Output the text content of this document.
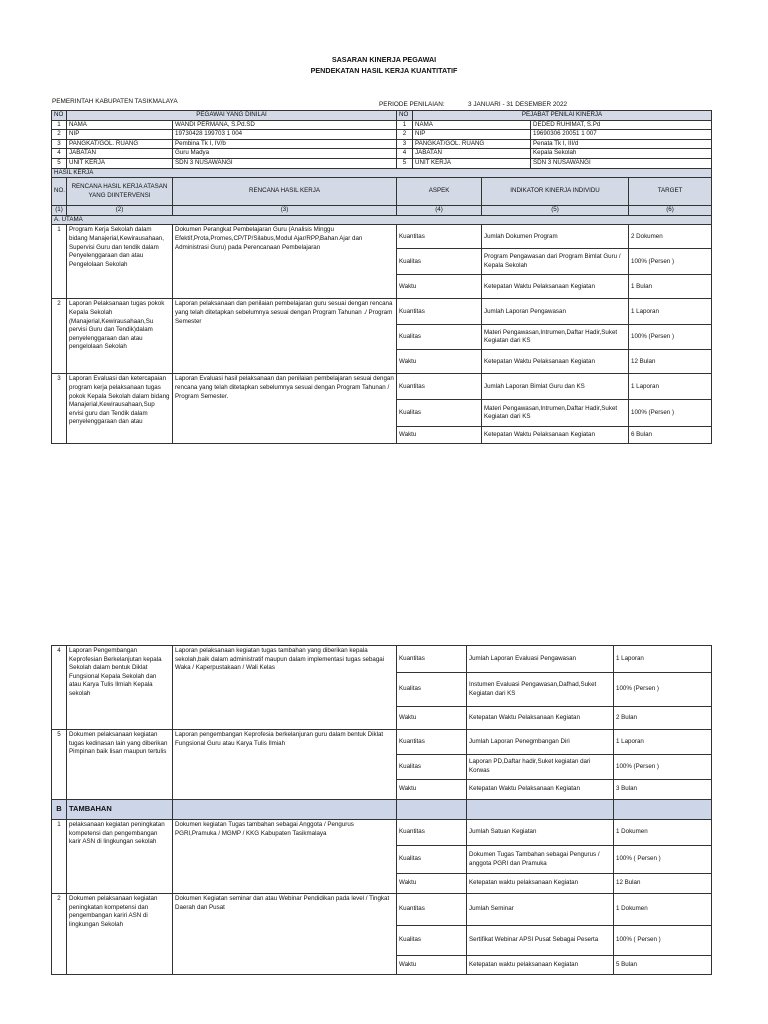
SASARAN KINERJA PEGAWAI
PENDEKATAN HASIL KERJA KUANTITATIF
PEMERINTAH KABUPATEN TASIKMALAYA	PERIODE PENILAIAN:	3 JANUARI - 31 DESEMBER 2022
NO	PEGAWAI YANG DINILAI		NO	PEJABAT PENILAI KINERJA			
1	NAMA	WANDI PERMANA, S.Pd.SD	1	NAMA		DEDED RUHIMAT, S.Pd	
2	NIP	19730428 199703 1 004	2	NIP		19690306 20051 1 007	
3	PANGKAT/GOL. RUANG	Pembina Tk I, IV/b	3	PANGKAT/GOL. RUANG		Penata Tk I, III/d	
4	JABATAN	Guru Madya	4	JABATAN		Kepala Sekolah	
5	UNIT KERJA	SDN 3 NUSAWANGI	5	UNIT KERJA		SDN 3 NUSAWANGI	
HASIL KERJA							
NO.	RENCANA HASIL KERJA ATASAN YANG DIINTERVENSI	RENCANA HASIL KERJA	ASPEK		INDIKATOR KINERJA INDIVIDU		TARGET
(1)	(2)	(3)	(4)		(5)		(6)
A. UTAMA							
1	Program Kerja Sekolah dalam bidang Manajerial,Kewirausahaan, Supervisi Guru dan tendik dalam Penyelenggaraan dan atau Pengelolaan Sekolah	Dokumen Perangkat Pembelajaran Guru (Analisis Minggu Efektif,Prota,Promes,CP/TP/Silabus,Modul Ajar/RPP,Bahan Ajar dan Administrasi Guru) pada Perencanaan Pembelajaran	Kuantitas		Jumlah Dokumen Program		2 Dokumen
			Kualitas		Program Pengawasan dari Program Bimlat Guru / Kepala Sekolah		100% (Persen )
			Waktu		Ketepatan Waktu Pelaksanaan Kegiatan		1 Bulan
2	Laporan Pelaksanaan tugas pokok Kepala Sekolah (Manajerial,Kewirausahaan,Su pervisi Guru dan Tendik)dalam penyelenggaraan dan atau pengelolaan Sekolah	Laporan pelaksanaan dan penilaian pembelajaran guru sesuai dengan rencana yang telah ditetapkan sebelumnya sesuai dengan Program Tahunan ./ Program Semester	Kuantitas		Jumlah Laporan Pengawasan		1 Laporan
			Kualitas		Materi Pengawasan,Intrumen,Daftar Hadir,Suket Kegiatan dari KS		100% (Persen )
			Waktu		Ketepatan Waktu Pelaksanaan Kegiatan		12 Bulan
3	Laporan Evaluasi dan ketercapaian program kerja pelaksanaan tugas pokok Kepala Sekolah dalam bidang Manajerial,Kewirausahaan,Sup ervisi guru dan Tendik dalam penyelenggaraan dan atau	Laporan Evaluasi hasil pelaksanaan dan penilaian pembelajaran sesuai dengan rencana yang telah ditetapkan sebelumnya sesuai dengan Program Tahunan / Program Semester.	Kuantitas		Jumlah Laporan Bimlat Guru dan KS		1 Laporan
			Kualitas		Materi Pengawasan,Intrumen,Daftar Hadir,Suket Kegiatan dari KS		100% (Persen )
			Waktu		Ketepatan Waktu Pelaksanaan Kegiatan		6 Bulan
4	Laporan Pengembangan Keprofesian Berkelanjutan kepala Sekolah dalam bentuk Diklat Fungsional Kepala Sekolah dan atau Karya Tulis Ilmiah Kepala sekolah	Laporan pelaksanaan kegiatan tugas tambahan yang diberikan kepala sekolah,baik dalam administratif maupun dalam implementasi tugas sebagai Waka / Kaperpustakaan / Wali Kelas	Kuantitas	Jumlah Laporan Evaluasi Pengawasan	1 Laporan
			Kualitas	Instumen Evaluasi Pengawasan,Dafhad,Suket Kegiatan dari KS	100% (Persen )
			Waktu	Ketepatan Waktu Pelaksanaan Kegiatan	2 Bulan
5	Dokumen pelaksanaan kegiatan tugas kedinasan lain yang diberikan Pimpinan baik lisan maupun tertulis	Laporan pengembangan Keprofesia berkelanjuran guru dalam bentuk Diklat Fungsional Guru atau Karya Tulis Ilmiah	Kuantitas	Jumlah Laporan Penegmbangan Diri	1 Laporan
			Kualitas	Laporan PD,Daftar hadir,Suket kegiatan dari Korwas	100% (Persen )
			Waktu	Ketepatan Waktu Pelaksanaan Kegiatan	3 Bulan
B	TAMBAHAN				
1	pelaksanaan kegiatan peningkatan kompetensi dan pengembangan karir ASN di lingkungan sekolah	Dokumen kegiatan Tugas tambahan sebagai Anggota / Pengurus PGRI,Pramuka / MGMP / KKG Kabupaten Tasikmalaya	Kuantitas	Jumlah Satuan Kegiatan	1 Dokumen
			Kualitas	Dokumen Tugas Tambahan sebagai Pengurus / anggota PGRI dan Pramuka	100% ( Persen )
			Waktu	Ketepatan waktu pelaksanaan Kegiatan	12 Bulan
2	Dokumen pelaksanaan kegiatan peningkatan kompetensi dan pengembangan kariri ASN di lingkungan Sekolah	Dokumen Kegiatan seminar dan atau Webinar Pendidikan pada level / Tingkat Daerah dan Pusat	Kuantitas	Jumlah Seminar	1 Dokumen
			Kualitas	Sertifikat Webinar APSI Pusat Sebagai Peserta	100% ( Persen )
			Waktu	Ketepatan waktu pelaksanaan Kegiatan	5 Bulan
